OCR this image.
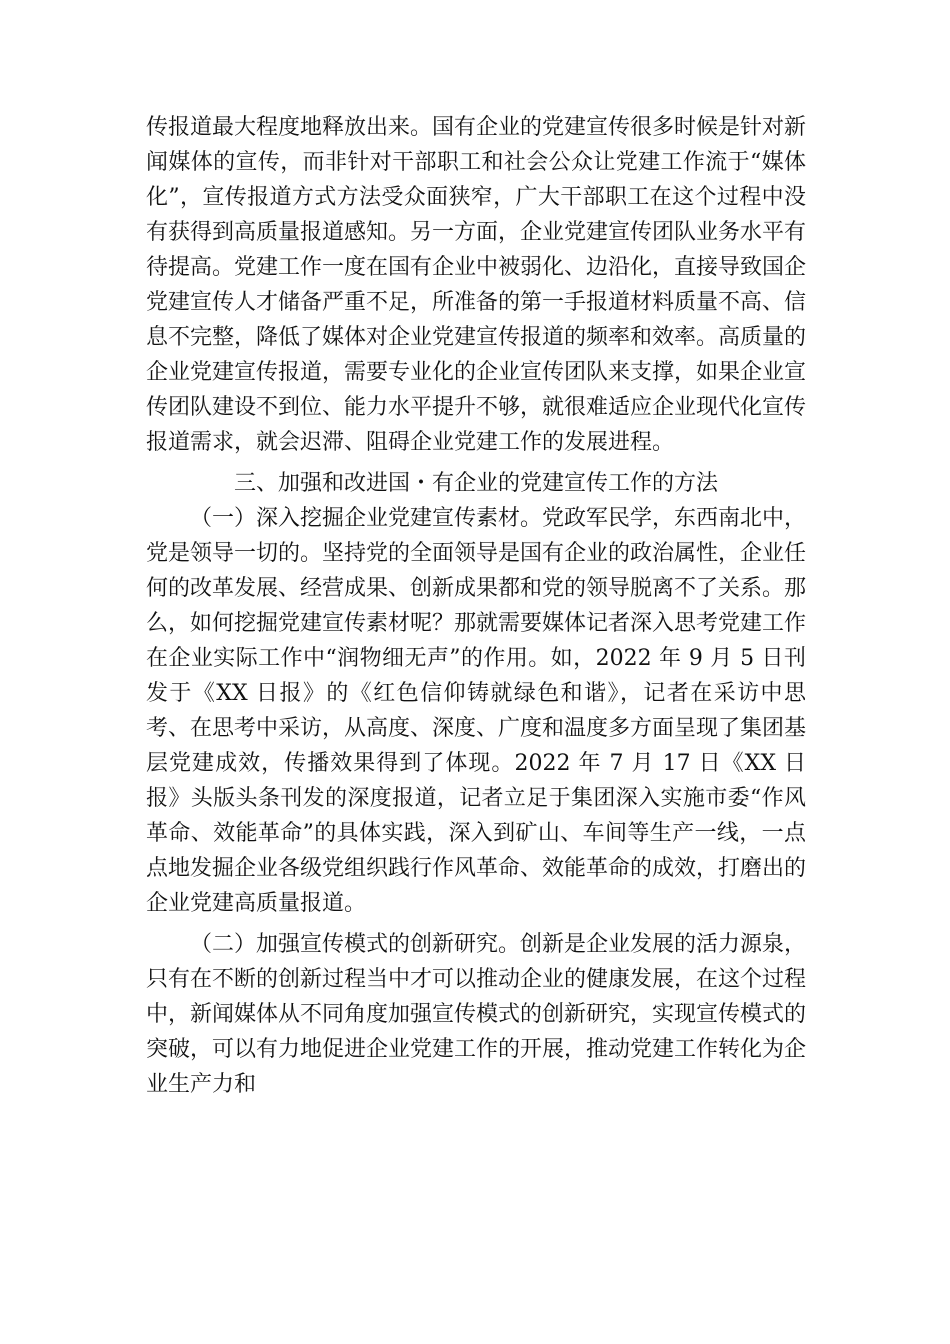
传报道最大程度地释放出来。国有企业的党建宣传很多时候是针对新闻媒体的宣传，而非针对干部职工和社会公众让党建工作流于“媒体化”，宣传报道方式方法受众面狭窄，广大干部职工在这个过程中没有获得到高质量报道感知。另一方面，企业党建宣传团队业务水平有待提高。党建工作一度在国有企业中被弱化、边沿化，直接导致国企党建宣传人才储备严重不足，所准备的第一手报道材料质量不高、信息不完整，降低了媒体对企业党建宣传报道的频率和效率。高质量的企业党建宣传报道，需要专业化的企业宣传团队来支撑，如果企业宣传团队建设不到位、能力水平提升不够，就很难适应企业现代化宣传报道需求，就会迟滞、阻碍企业党建工作的发展进程。

三、加强和改进国・有企业的党建宣传工作的方法

（一）深入挖掘企业党建宣传素材。党政军民学，东西南北中，党是领导一切的。坚持党的全面领导是国有企业的政治属性，企业任何的改革发展、经营成果、创新成果都和党的领导脱离不了关系。那么，如何挖掘党建宣传素材呢？那就需要媒体记者深入思考党建工作在企业实际工作中“润物细无声”的作用。如，2022 年 9 月 5 日刊发于《XX 日报》的《红色信仰铸就绿色和谐》，记者在采访中思考、在思考中采访，从高度、深度、广度和温度多方面呈现了集团基层党建成效，传播效果得到了体现。2022 年 7 月 17 日《XX 日报》头版头条刊发的深度报道，记者立足于集团深入实施市委“作风革命、效能革命”的具体实践，深入到矿山、车间等生产一线，一点点地发掘企业各级党组织践行作风革命、效能革命的成效，打磨出的企业党建高质量报道。

（二）加强宣传模式的创新研究。创新是企业发展的活力源泉，只有在不断的创新过程当中才可以推动企业的健康发展，在这个过程中，新闻媒体从不同角度加强宣传模式的创新研究，实现宣传模式的突破，可以有力地促进企业党建工作的开展，推动党建工作转化为企业生产力和
